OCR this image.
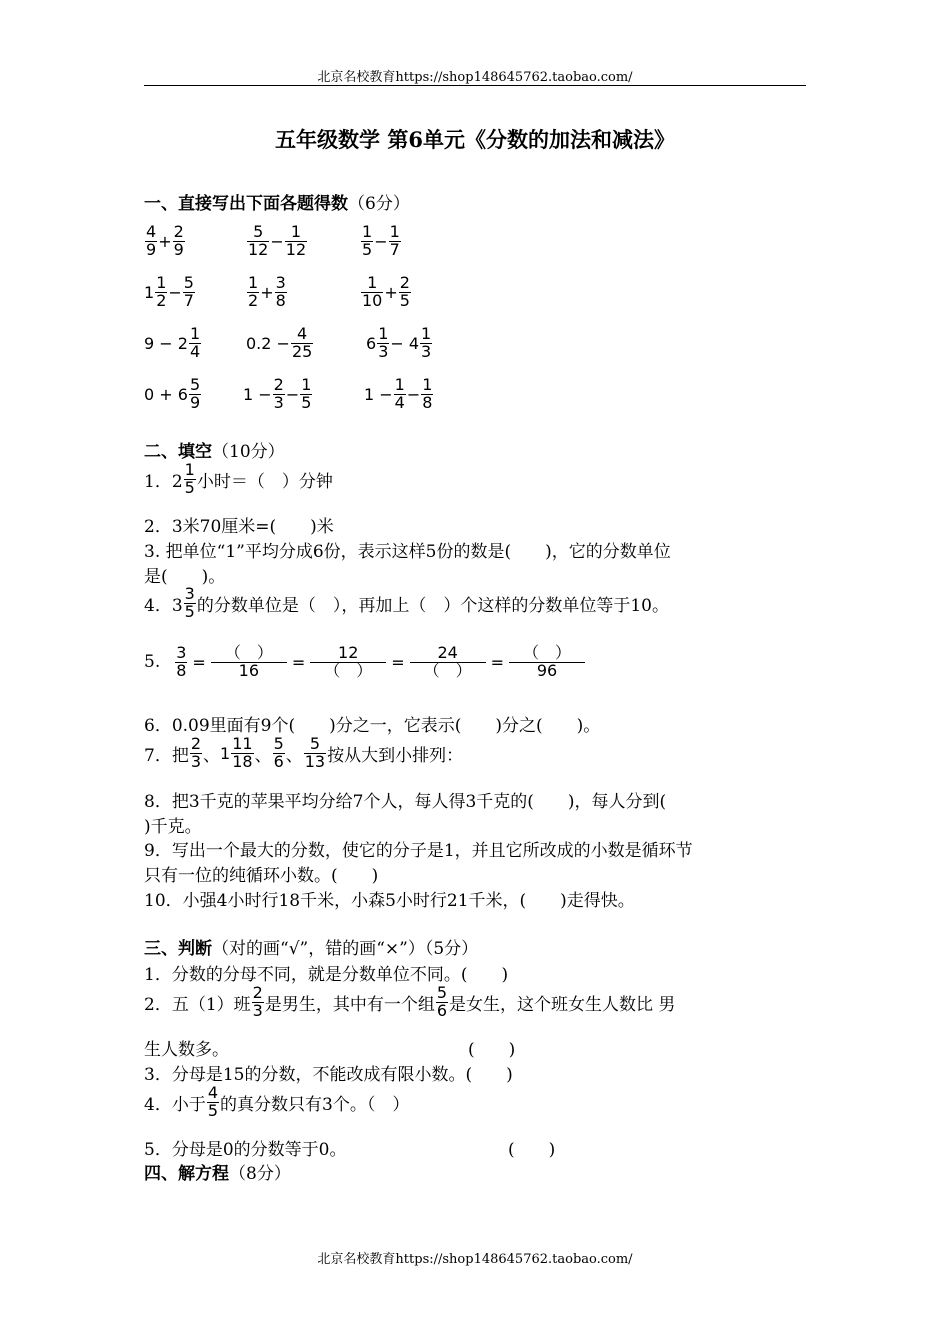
北京名校教育https://shop148645762.taobao.com/
五年级数学 第6单元《分数的加法和减法》
一、直接写出下面各题得数（6分）
$\frac{4}{9} + \frac{2}{9}$	$\frac{5}{12} - \frac{1}{12}$	$\frac{1}{5} - \frac{1}{7}$
$1 \frac{1}{2} - \frac{5}{7}$	$\frac{1}{2} + \frac{3}{8}$	$\frac{1}{10} + \frac{2}{5}$
$9 - 2 \frac{1}{4}$	$0.2 - \frac{4}{25}$	$6 \frac{1}{3} - 4 \frac{1}{3}$
$0 + 6 \frac{5}{9}$	$1 - \frac{2}{3} - \frac{1}{5}$	$1 - \frac{1}{4} - \frac{1}{8}$
二、填空（10分）
1．$2 \frac{1}{5}$ 小时＝（　）分钟
2．3米70厘米=(　　)米
3. 把单位“1”平均分成6份，表示这样5份的数是(　　)，它的分数单位
是(　　)。
4．$3 \frac{3}{5}$ 的分数单位是（　），再加上（　）个这样的分数单位等于10。
5. $\frac{3}{8} = \frac{( )}{16} = \frac{12}{( )} = \frac{24}{( )} = \frac{( )}{96}$
6．0.09里面有9个(　　)分之一，它表示(　　)分之(　　)。
7．把 $\frac{2}{3}$ 、 $1 \frac{11}{18}$ 、 $\frac{5}{6}$ 、 $\frac{5}{13}$ 按从大到小排列：
8．把3千克的苹果平均分给7个人，每人得3千克的(　　)，每人分到(
)千克。
9．写出一个最大的分数，使它的分子是1，并且它所改成的小数是循环节
只有一位的纯循环小数。(　　)
10．小强4小时行18千米，小森5小时行21千米，(　　)走得快。
三、判断（对的画“√”，错的画“×”）（5分）
1．分数的分母不同，就是分数单位不同。(　　)
2．五（1）班 $\frac{2}{3}$ 是男生，其中有一个组 $\frac{5}{6}$ 是女生，这个班女生人数比 男
生人数多。	(　　)
3．分母是15的分数，不能改成有限小数。(　　)
4．小于 $\frac{4}{5}$ 的真分数只有3个。（　）
5．分母是0的分数等于0。	(　　)
四、解方程（8分）
北京名校教育https://shop148645762.taobao.com/
